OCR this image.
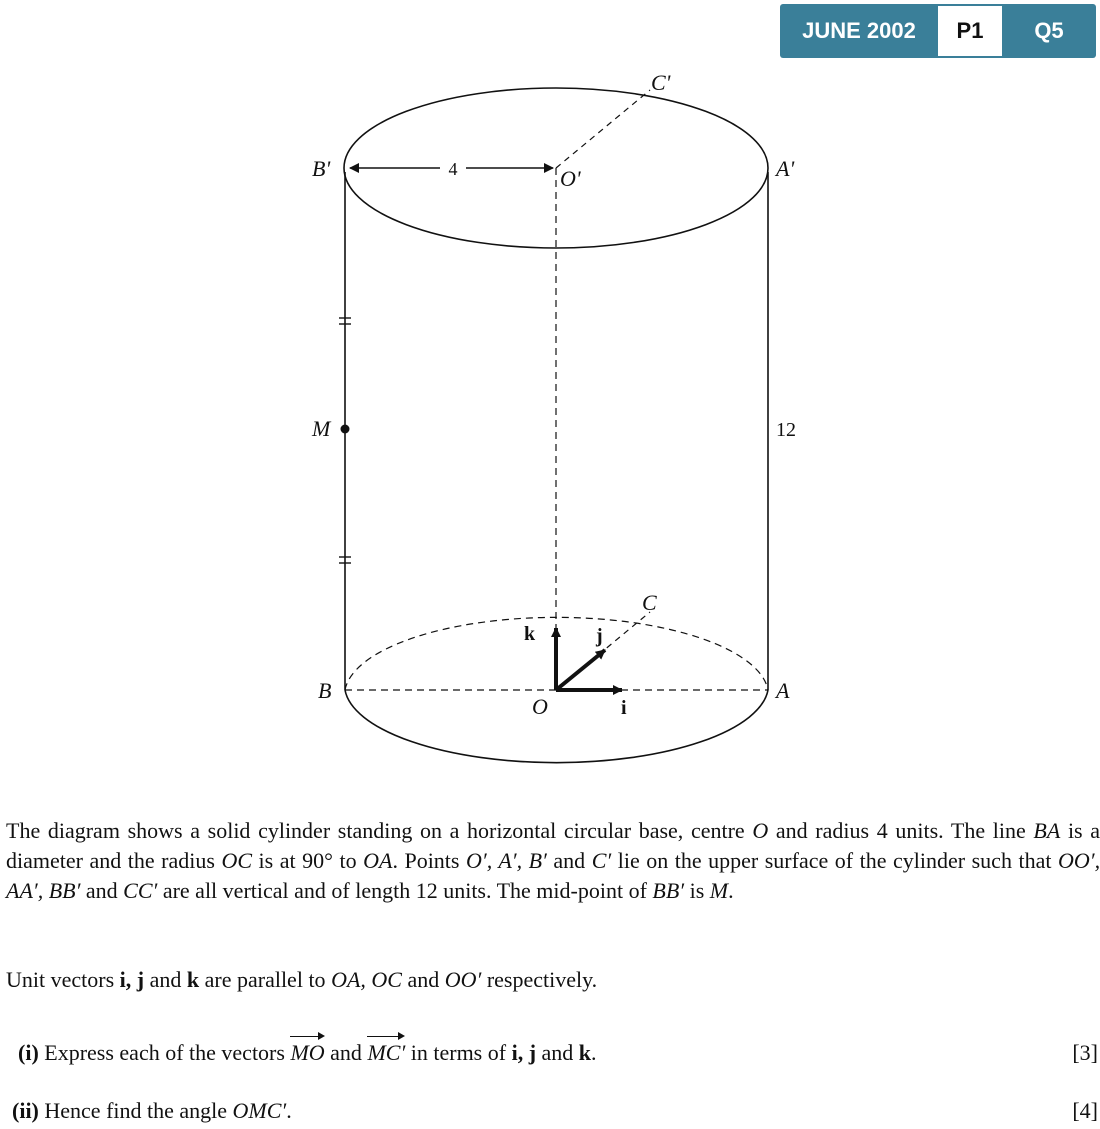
JUNE 2002	P1	Q5
4
C'
B'	O'	A'
M	12
C
k	j
B	A
O	i

The diagram shows a solid cylinder standing on a horizontal circular base, centre O and radius 4 units. The line BA is a diameter and the radius OC is at 90° to OA. Points O′, A′, B′ and C′ lie on the upper surface of the cylinder such that OO′, AA′, BB′ and CC′ are all vertical and of length 12 units. The mid-point of BB′ is M.

Unit vectors i, j and k are parallel to OA, OC and OO′ respectively.

(i) Express each of the vectors MO and MC′ in terms of i, j and k.	[3]
(ii) Hence find the angle OMC′.	[4]
